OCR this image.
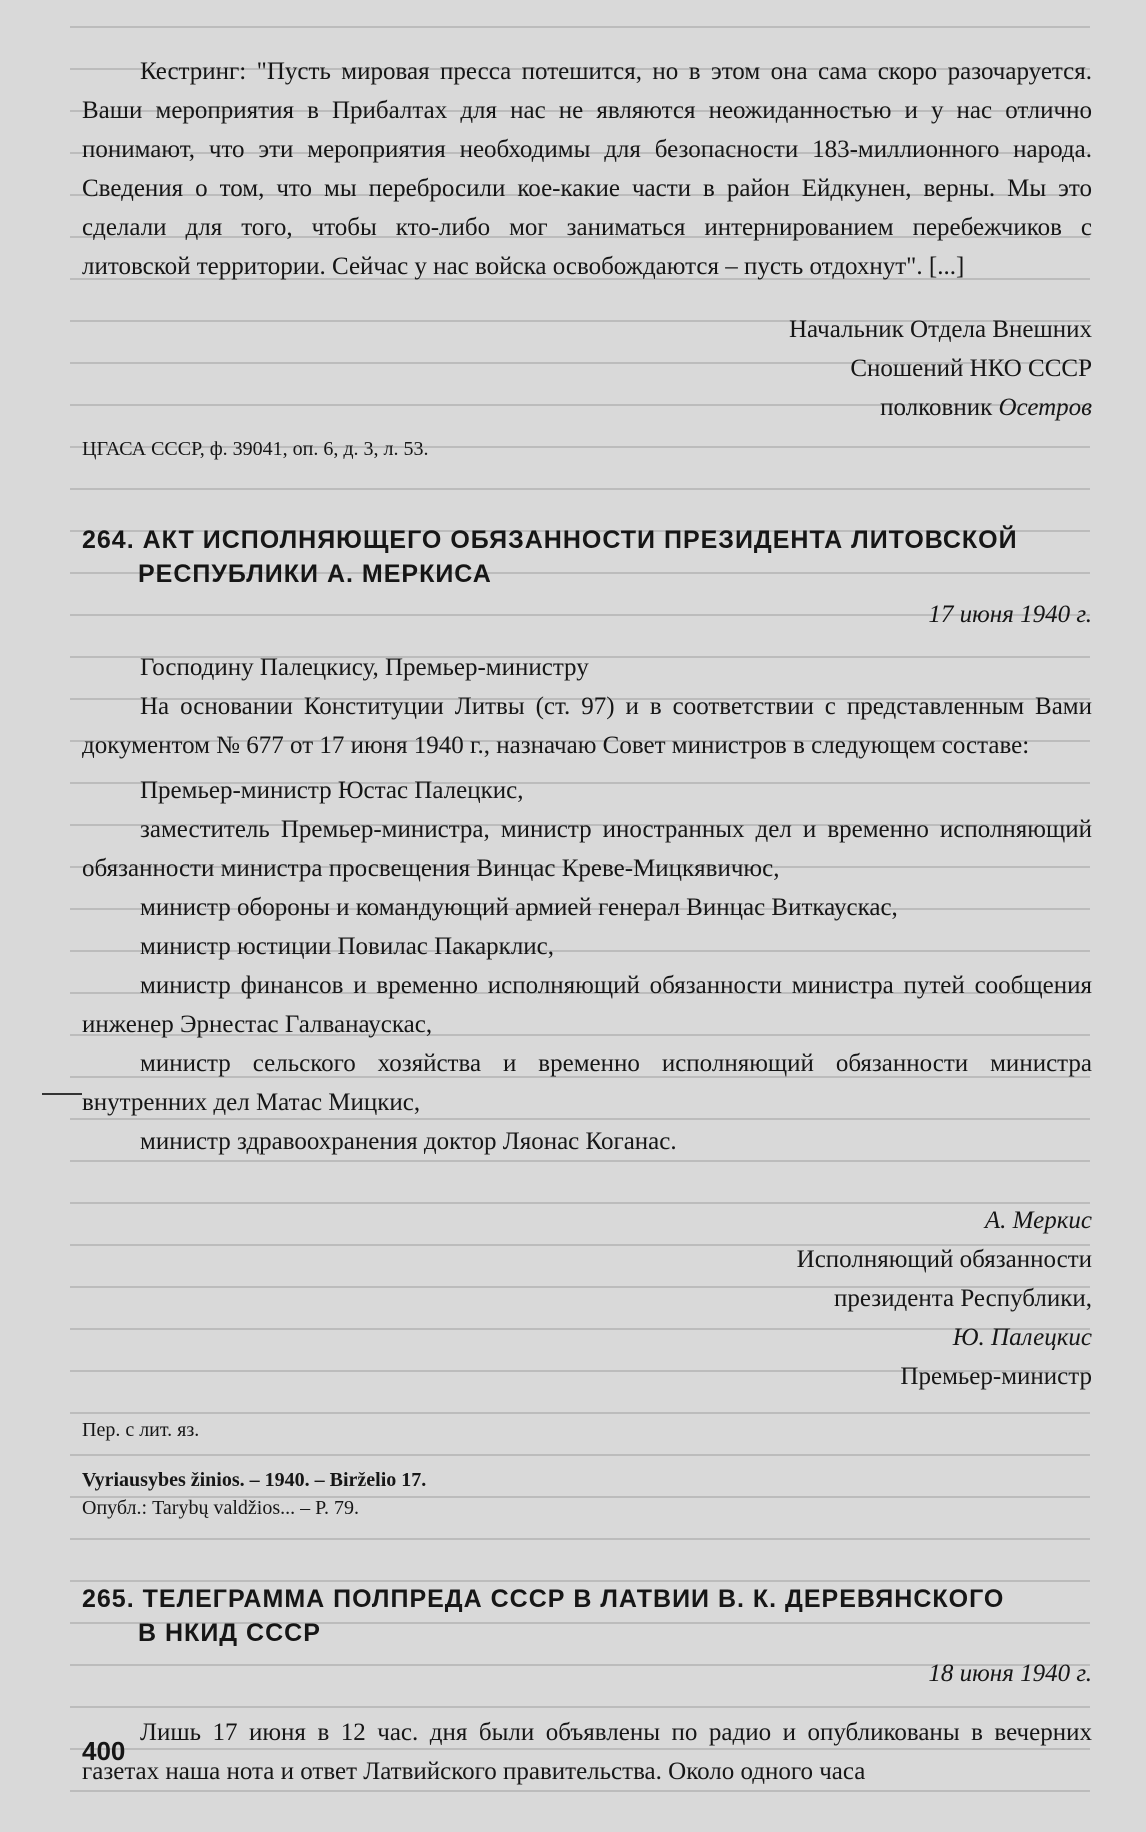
Кестринг: "Пусть мировая пресса потешится, но в этом она сама скоро разочаруется. Ваши мероприятия в Прибалтах для нас не являются неожиданностью и у нас отлично понимают, что эти мероприятия необходимы для безопасности 183-миллионного народа. Сведения о том, что мы перебросили кое-какие части в район Ейдкунен, верны. Мы это сделали для того, чтобы кто-либо мог заниматься интернированием перебежчиков с литовской территории. Сейчас у нас войска освобождаются – пусть отдохнут". [...]

Начальник Отдела Внешних

Сношений НКО СССР

полковник Осетров

ЦГАСА СССР, ф. 39041, оп. 6, д. 3, л. 53.

264. АКТ ИСПОЛНЯЮЩЕГО ОБЯЗАННОСТИ ПРЕЗИДЕНТА ЛИТОВСКОЙ
РЕСПУБЛИКИ А. МЕРКИСА

17 июня 1940 г.

Господину Палецкису, Премьер-министру

На основании Конституции Литвы (ст. 97) и в соответствии с представленным Вами документом № 677 от 17 июня 1940 г., назначаю Совет министров в следующем составе:

Премьер-министр Юстас Палецкис,

заместитель Премьер-министра, министр иностранных дел и временно исполняющий обязанности министра просвещения Винцас Креве-Мицкявичюс,

министр обороны и командующий армией генерал Винцас Виткаускас,

министр юстиции Повилас Пакарклис,

министр финансов и временно исполняющий обязанности министра путей сообщения инженер Эрнестас Галванаускас,

министр сельского хозяйства и временно исполняющий обязанности министра внутренних дел Матас Мицкис,

министр здравоохранения доктор Ляонас Коганас.

А. Меркис

Исполняющий обязанности

президента Республики,

Ю. Палецкис

Премьер-министр

Пер. с лит. яз.

Vyriausybes žinios. – 1940. – Birželio 17.

Опубл.: Tarybų valdžios... – P. 79.

265. ТЕЛЕГРАММА ПОЛПРЕДА СССР В ЛАТВИИ В. К. ДЕРЕВЯНСКОГО
В НКИД СССР

18 июня 1940 г.

Лишь 17 июня в 12 час. дня были объявлены по радио и опубликованы в вечерних газетах наша нота и ответ Латвийского правительства. Около одного часа

400
